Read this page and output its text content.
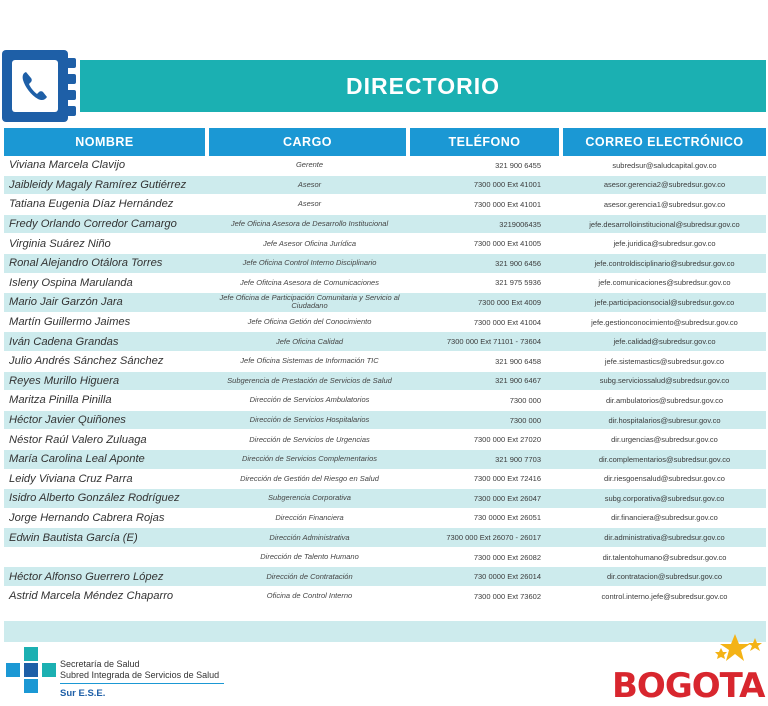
DIRECTORIO
NOMBRE	CARGO	TELÉFONO	CORREO ELECTRÓNICO
Viviana Marcela Clavijo	Gerente	321 900 6455	subredsur@saludcapital.gov.co
Jaibleidy Magaly Ramírez Gutiérrez	Asesor	7300 000 Ext 41001	asesor.gerencia2@subredsur.gov.co
Tatiana Eugenia Díaz Hernández	Asesor	7300 000 Ext 41001	asesor.gerencia1@subredsur.gov.co
Fredy Orlando Corredor Camargo	Jefe Oficina Asesora de Desarrollo Institucional	3219006435	jefe.desarrolloinstitucional@subredsur.gov.co
Virginia Suárez Niño	Jefe Asesor Oficina Jurídica	7300 000 Ext 41005	jefe.juridica@subredsur.gov.co
Ronal Alejandro Otálora Torres	Jefe Oficina Control Interno Disciplinario	321 900 6456	jefe.controldisciplinario@subredsur.gov.co
Isleny Ospina Marulanda	Jefe Ofitcina Asesora de Comunicaciones	321 975 5936	jefe.comunicaciones@subredsur.gov.co
Mario Jair Garzón Jara	Jefe Oficina de Participación Comunitaria y Servicio al Ciudadano	7300 000 Ext 4009	jefe.participacionsocial@subredsur.gov.co
Martín Guillermo Jaimes	Jefe Oficina Getión del Conocimiento	7300 000 Ext 41004	jefe.gestionconocimiento@subredsur.gov.co
Iván Cadena Grandas	Jefe Oficina Calidad	7300 000 Ext 71101 - 73604	jefe.calidad@subredsur.gov.co
Julio Andrés Sánchez Sánchez	Jefe Oficina Sistemas de Información TIC	321 900 6458	jefe.sistemastics@subredsur.gov.co
Reyes Murillo Higuera	Subgerencia de Prestación de Servicios de Salud	321 900 6467	subg.serviciossalud@subredsur.gov.co
Maritza Pinilla Pinilla	Dirección de Servicios Ambulatorios	7300 000	dir.ambulatorios@subredsur.gov.co
Héctor Javier Quiñones	Dirección de Servicios Hospitalarios	7300 000	dir.hospitalarios@subresur.gov.co
Néstor Raúl Valero Zuluaga	Dirección de Servicios de Urgencias	7300 000 Ext 27020	dir.urgencias@subredsur.gov.co
María Carolina Leal Aponte	Dirección de Servicios Complementarios	321 900 7703	dir.complementarios@subredsur.gov.co
Leidy Viviana Cruz Parra	Dirección de Gestión del Riesgo en Salud	7300 000 Ext 72416	dir.riesgoensalud@subredsur.gov.co
Isidro Alberto González Rodríguez	Subgerencia Corporativa	7300 000 Ext 26047	subg.corporativa@subredsur.gov.co
Jorge Hernando Cabrera Rojas	Dirección Financiera	730 0000 Ext 26051	dir.financiera@subredsur.gov.co
Edwin Bautista García (E)	Dirección Administrativa	7300 000 Ext 26070 - 26017	dir.administrativa@subredsur.gov.co
	Dirección de Talento Humano	7300 000 Ext 26082	dir.talentohumano@subredsur.gov.co
Héctor Alfonso Guerrero López	Dirección de Contratación	730 0000 Ext 26014	dir.contratacion@subredsur.gov.co
Astrid Marcela Méndez Chaparro	Oficina de Control Interno	7300 000 Ext 73602	control.interno.jefe@subredsur.gov.co
Secretaría de Salud
Subred Integrada de Servicios de Salud
Sur E.S.E.	BOGOTA
